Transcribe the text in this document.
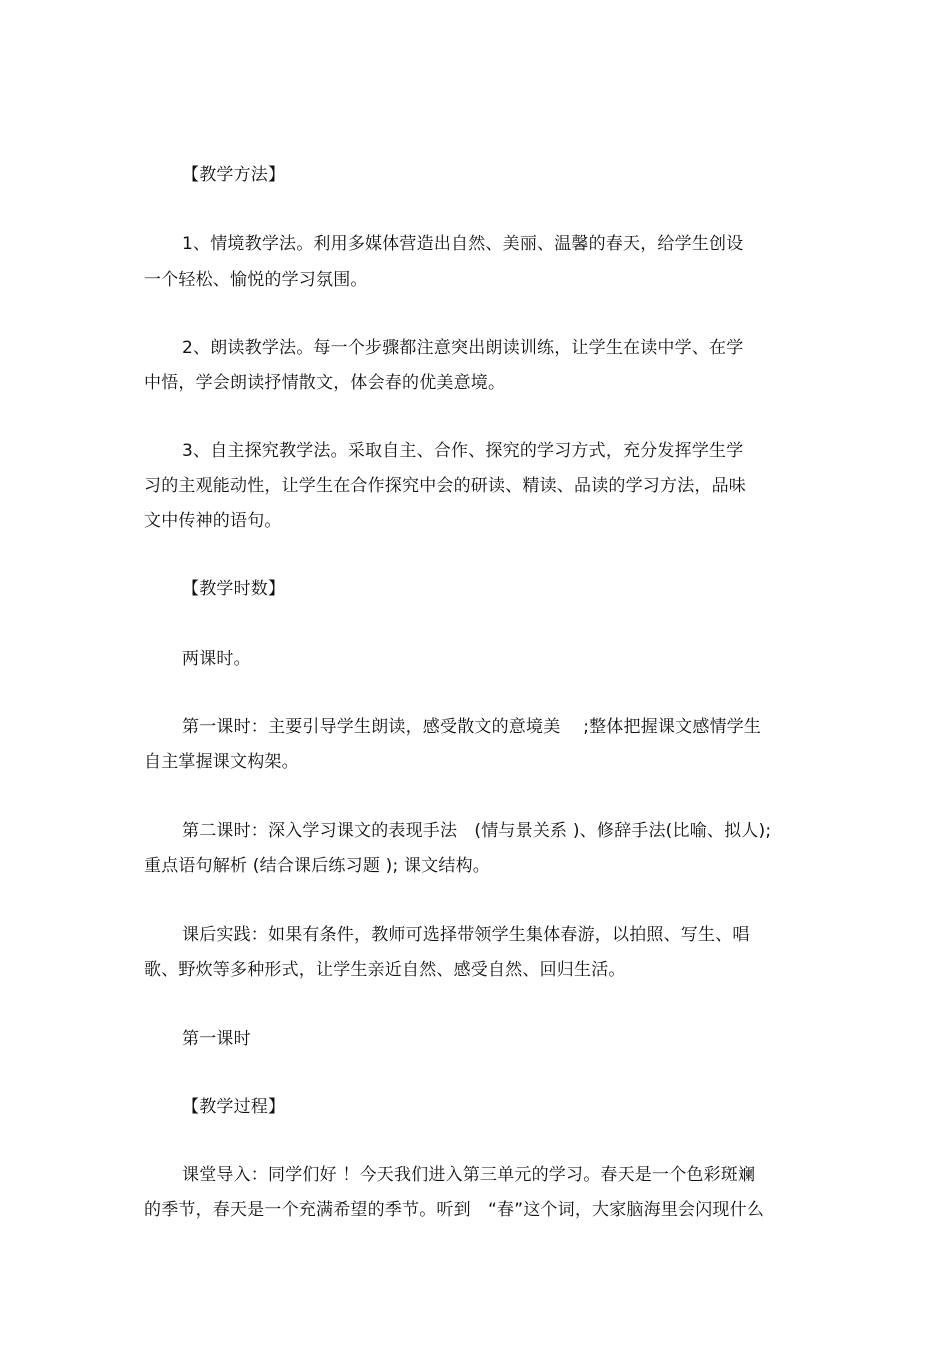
【教学方法】
1、情境教学法。利用多媒体营造出自然、美丽、温馨的春天，给学生创设
一个轻松、愉悦的学习氛围。
2、朗读教学法。每一个步骤都注意突出朗读训练，让学生在读中学、在学
中悟，学会朗读抒情散文，体会春的优美意境。
3、自主探究教学法。采取自主、合作、探究的学习方式，充分发挥学生学
习的主观能动性，让学生在合作探究中会的研读、精读、品读的学习方法，品味
文中传神的语句。
【教学时数】
两课时。
第一课时：主要引导学生朗读，感受散文的意境美　 ;整体把握课文感情学生
自主掌握课文构架。
第二课时：深入学习课文的表现手法　(情与景关系 )、修辞手法(比喻、拟人);
重点语句解析 (结合课后练习题 ); 课文结构。
课后实践：如果有条件，教师可选择带领学生集体春游，以拍照、写生、唱
歌、野炊等多种形式，让学生亲近自然、感受自然、回归生活。
第一课时
【教学过程】
课堂导入：同学们好 ！今天我们进入第三单元的学习。春天是一个色彩斑斓
的季节，春天是一个充满希望的季节。听到　“春”这个词，大家脑海里会闪现什么
